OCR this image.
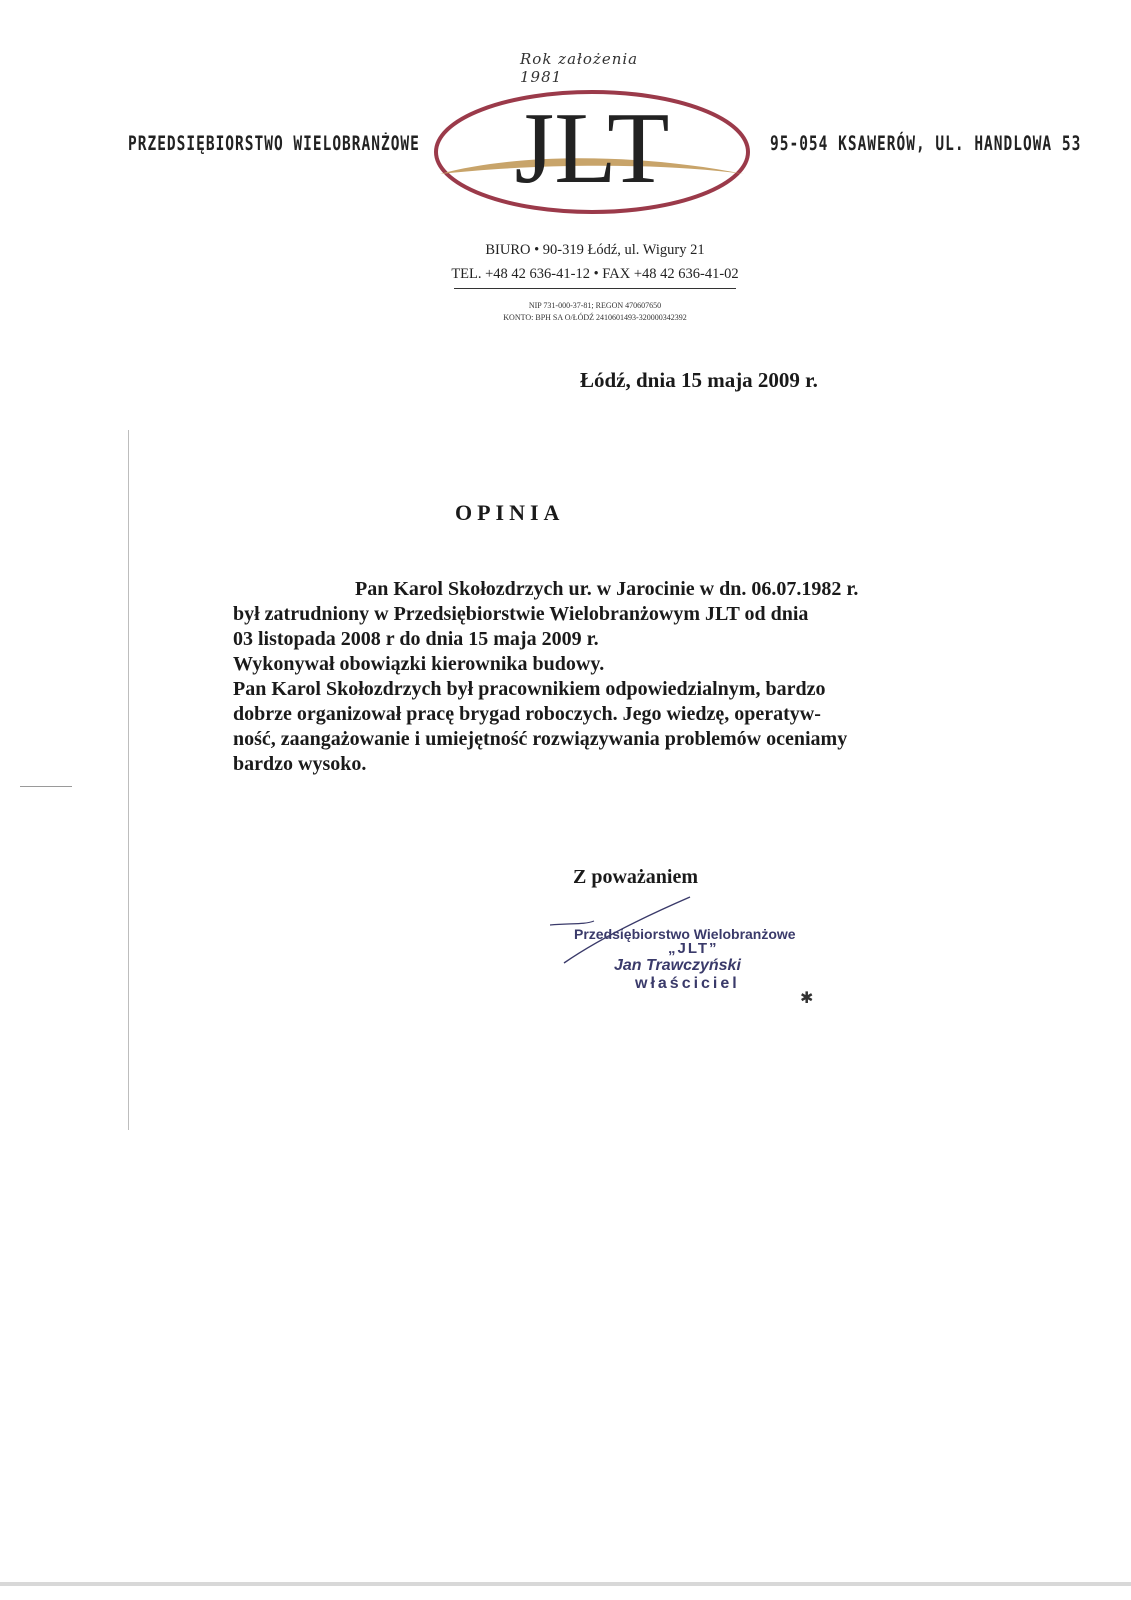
Rok założenia 1981
PRZEDSIĘBIORSTWO WIELOBRANŻOWE JLT	95-054 KSAWERÓW, UL. HANDLOWA 53
BIURO • 90-319 Łódź, ul. Wigury 21
TEL. +48 42 636-41-12 • FAX +48 42 636-41-02
NIP 731-000-37-81; REGON 470607650
KONTO: BPH SA O/ŁÓDŹ 2410601493-320000342392
Łódź, dnia 15 maja 2009 r.
OPINIA
Pan Karol Skołozdrzych ur. w Jarocinie w dn. 06.07.1982 r.
był zatrudniony w Przedsiębiorstwie Wielobranżowym JLT od dnia
03 listopada 2008 r do dnia 15 maja 2009 r.
Wykonywał obowiązki kierownika budowy.
Pan Karol Skołozdrzych był pracownikiem odpowiedzialnym, bardzo
dobrze organizował pracę brygad roboczych. Jego wiedzę, operatyw-
ność, zaangażowanie i umiejętność rozwiązywania problemów oceniamy
bardzo wysoko.
Z poważaniem
Przedsiębiorstwo Wielobranżowe
„JLT”
Jan Trawczyński
właściciel
✱
